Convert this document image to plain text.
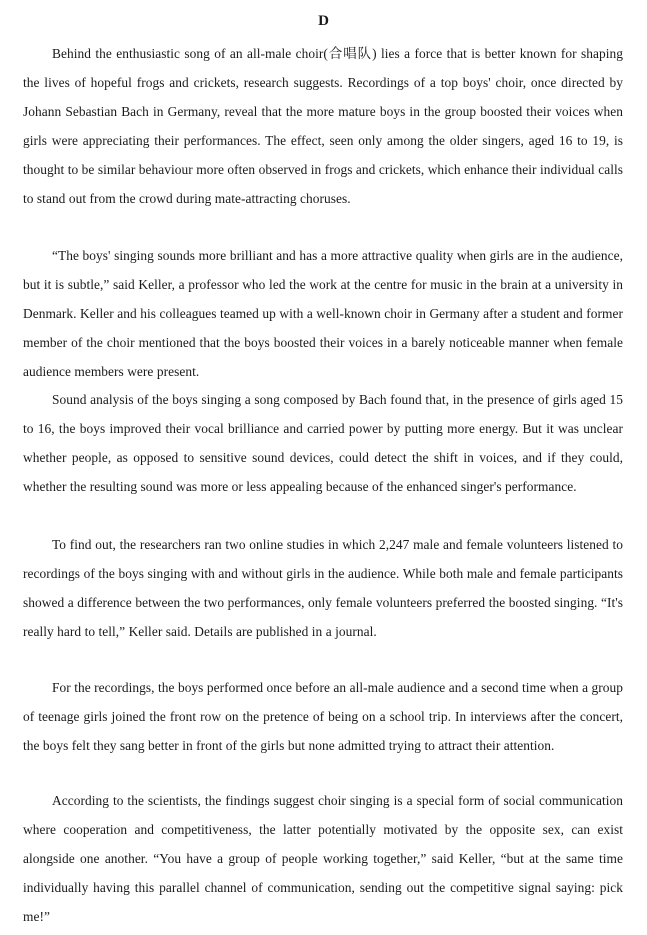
D

Behind the enthusiastic song of an all-male choir(合唱队) lies a force that is better known for shaping the lives of hopeful frogs and crickets, research suggests. Recordings of a top boys' choir, once directed by Johann Sebastian Bach in Germany, reveal that the more mature boys in the group boosted their voices when girls were appreciating their performances. The effect, seen only among the older singers, aged 16 to 19, is thought to be similar behaviour more often observed in frogs and crickets, which enhance their individual calls to stand out from the crowd during mate-attracting choruses.

“The boys' singing sounds more brilliant and has a more attractive quality when girls are in the audience, but it is subtle,” said Keller, a professor who led the work at the centre for music in the brain at a university in Denmark. Keller and his colleagues teamed up with a well-known choir in Germany after a student and former member of the choir mentioned that the boys boosted their voices in a barely noticeable manner when female audience members were present.

Sound analysis of the boys singing a song composed by Bach found that, in the presence of girls aged 15 to 16, the boys improved their vocal brilliance and carried power by putting more energy. But it was unclear whether people, as opposed to sensitive sound devices, could detect the shift in voices, and if they could, whether the resulting sound was more or less appealing because of the enhanced singer's performance.

To find out, the researchers ran two online studies in which 2,247 male and female volunteers listened to recordings of the boys singing with and without girls in the audience. While both male and female participants showed a difference between the two performances, only female volunteers preferred the boosted singing. “It's really hard to tell,” Keller said. Details are published in a journal.

For the recordings, the boys performed once before an all-male audience and a second time when a group of teenage girls joined the front row on the pretence of being on a school trip. In interviews after the concert, the boys felt they sang better in front of the girls but none admitted trying to attract their attention.

According to the scientists, the findings suggest choir singing is a special form of social communication where cooperation and competitiveness, the latter potentially motivated by the opposite sex, can exist alongside one another. “You have a group of people working together,” said Keller, “but at the same time individually having this parallel channel of communication, sending out the competitive signal saying: pick me!”
